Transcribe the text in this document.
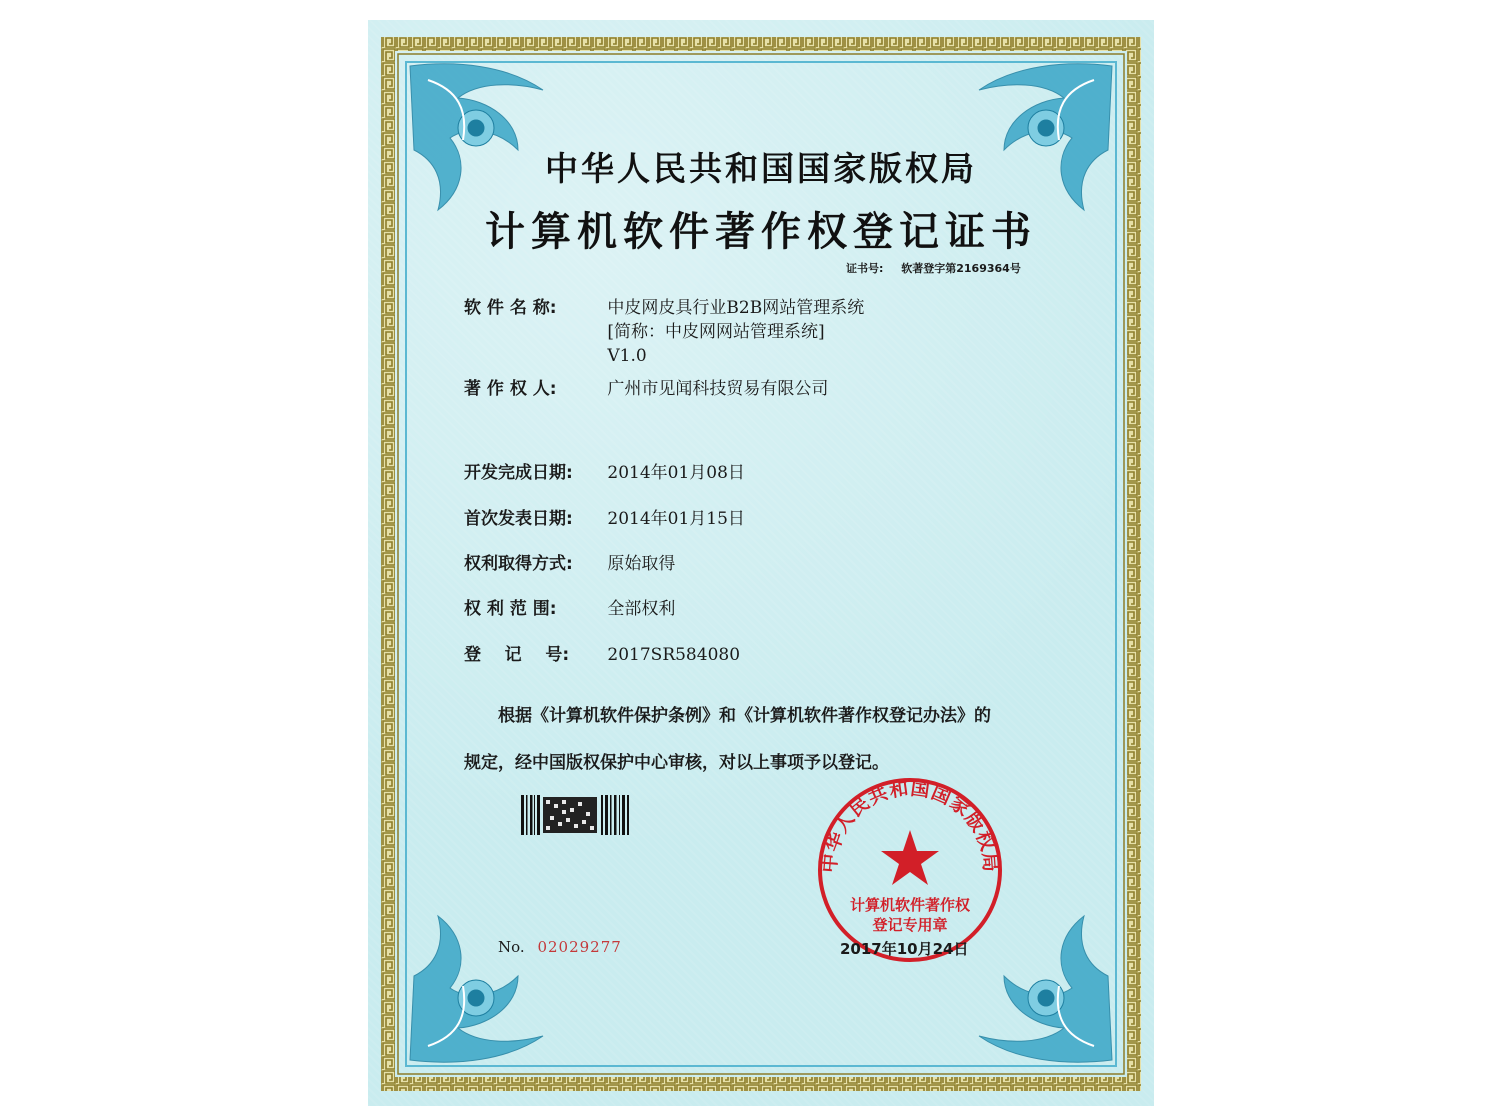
中华人民共和国国家版权局
计算机软件著作权登记证书
证书号: 软著登字第2169364号
软 件 名 称:	中皮网皮具行业B2B网站管理系统
[简称：中皮网网站管理系统]
V1.0
著 作 权 人:	广州市见闻科技贸易有限公司
开发完成日期: 2014年01月08日
首次发表日期: 2014年01月15日
权利取得方式: 原始取得
权 利 范 围:	全部权利
登    记    号: 2017SR584080
根据《计算机软件保护条例》和《计算机软件著作权登记办法》的
规定，经中国版权保护中心审核，对以上事项予以登记。
No. 02029277
中华人民共和国国家版权局
计算机软件著作权
登记专用章
2017年10月24日
